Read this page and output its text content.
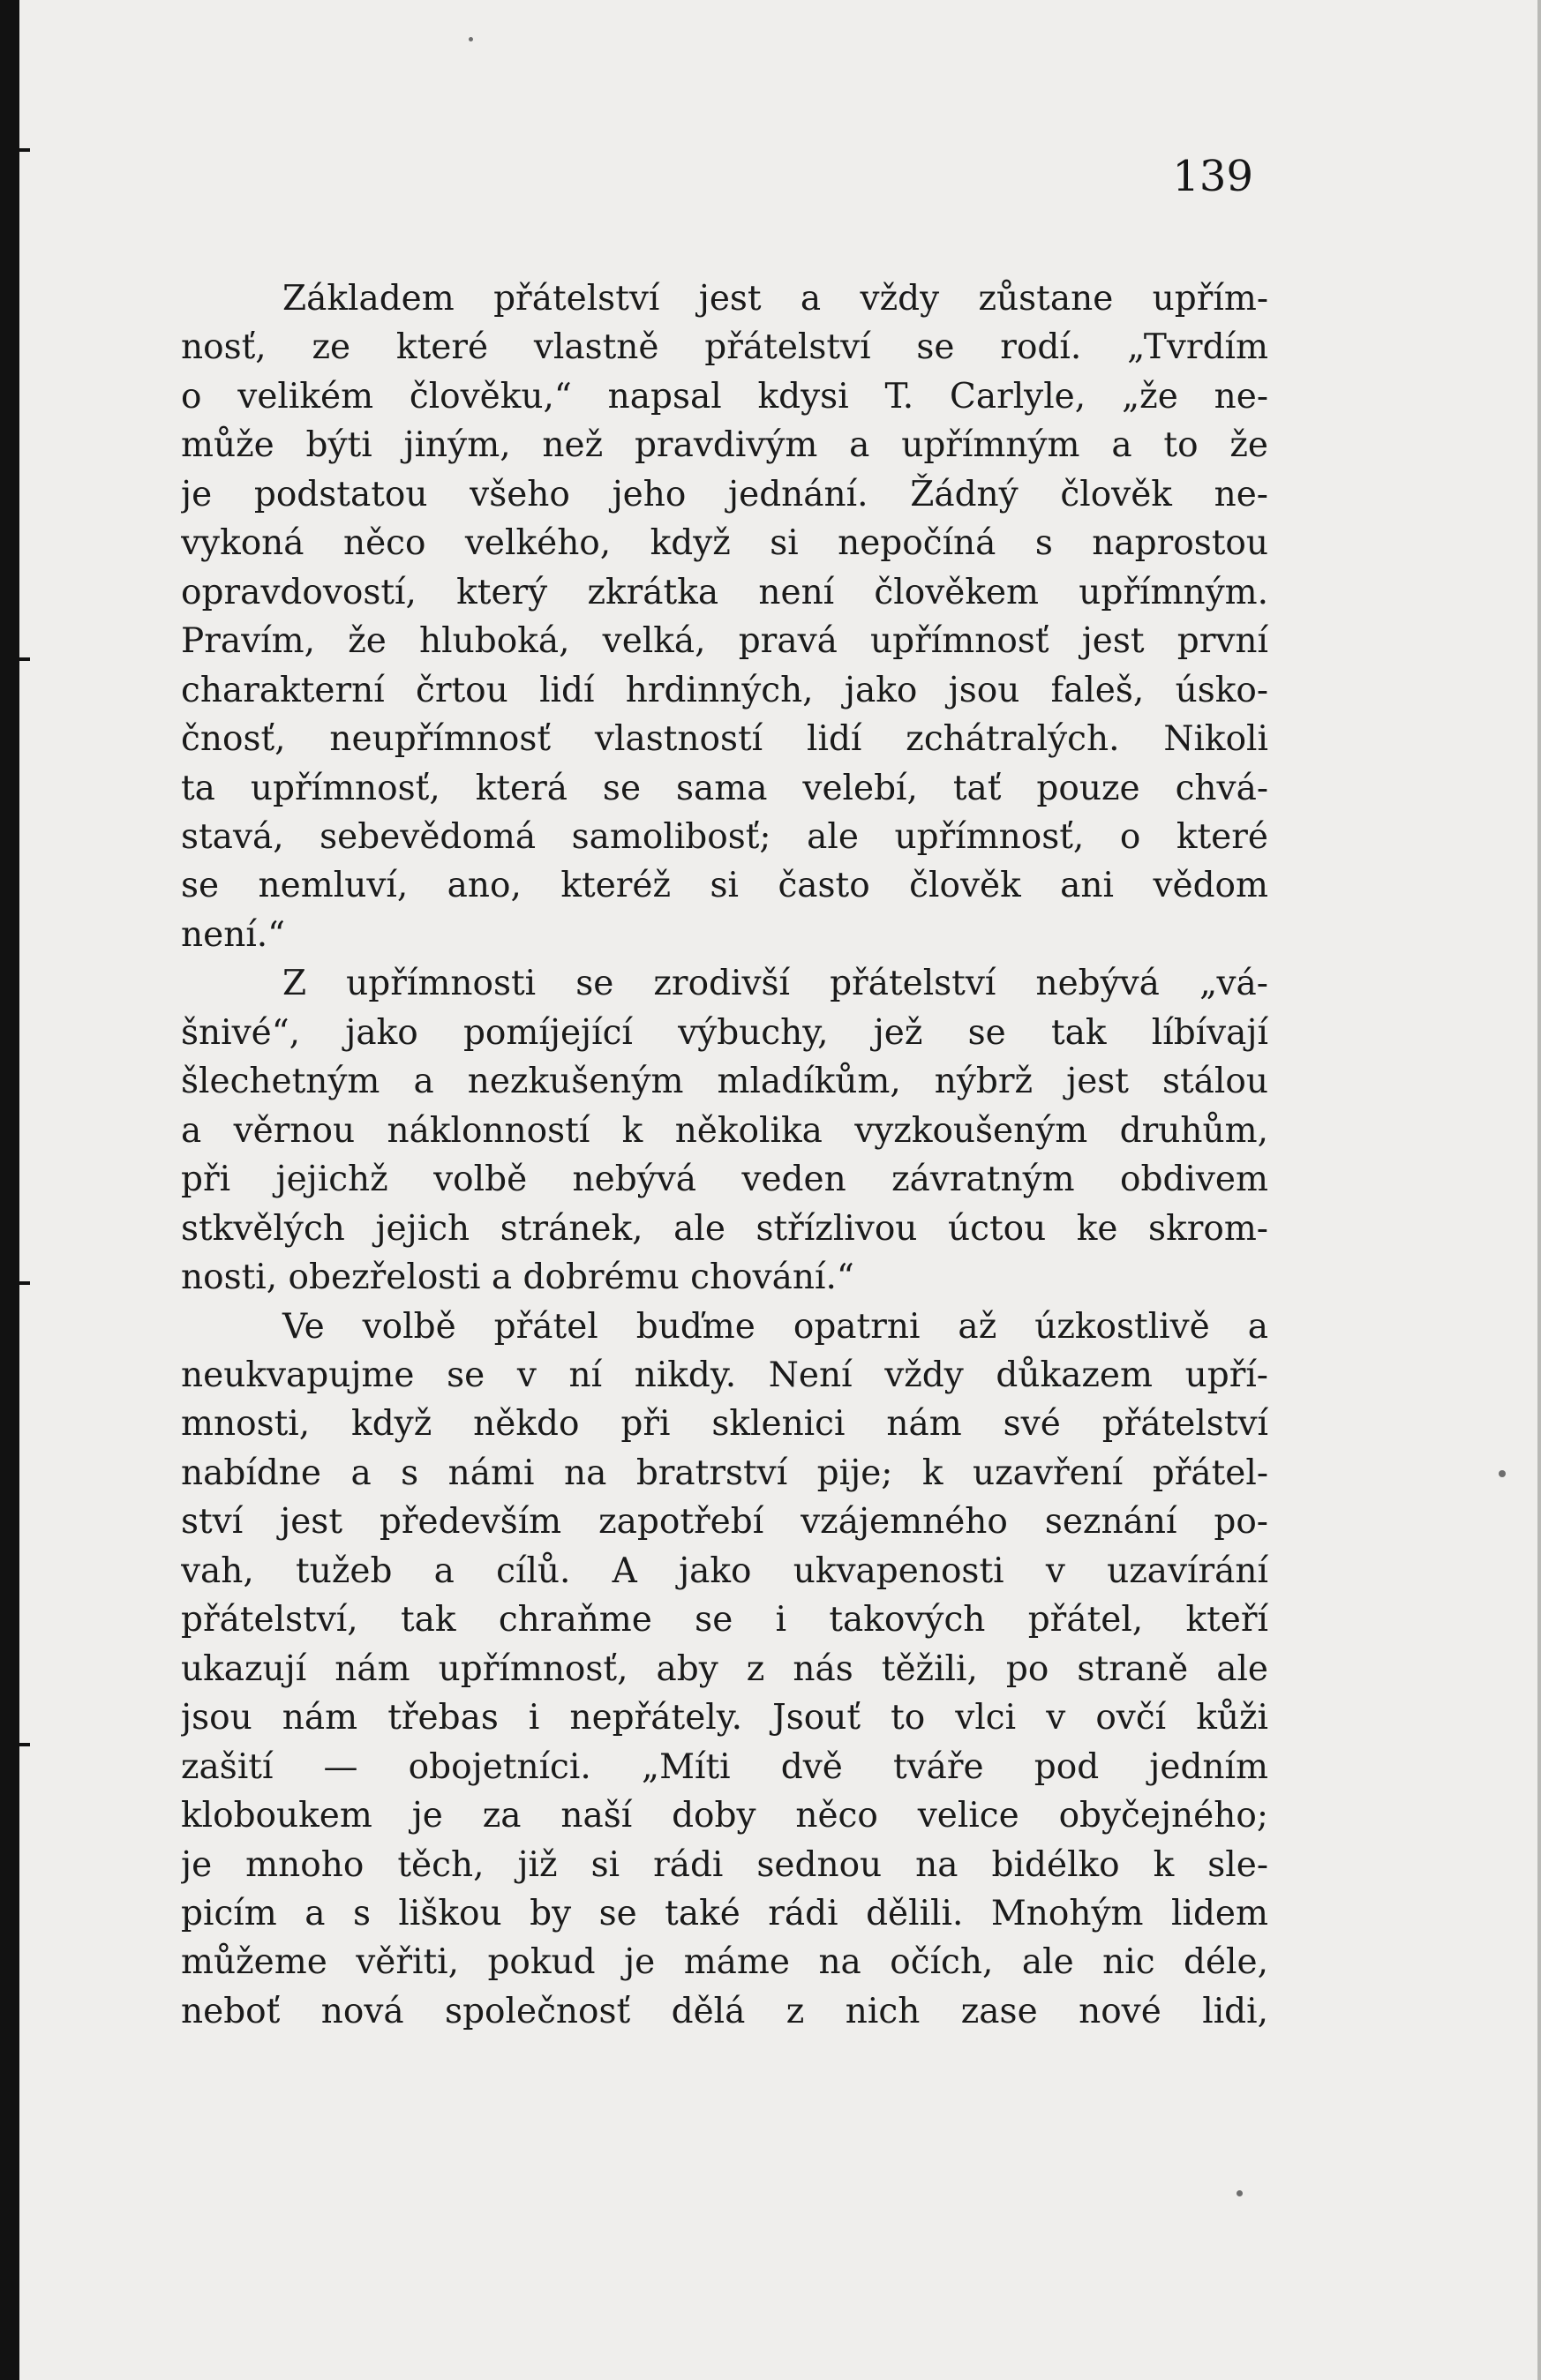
139
Základem přátelství jest a vždy zůstane upřím-
nosť, ze které vlastně přátelství se rodí. „Tvrdím
o velikém člověku,“ napsal kdysi T. Carlyle, „že ne-
může býti jiným, než pravdivým a upřímným a to že
je podstatou všeho jeho jednání. Žádný člověk ne-
vykoná něco velkého, když si nepočíná s naprostou
opravdovostí, který zkrátka není člověkem upřímným.
Pravím, že hluboká, velká, pravá upřímnosť jest první
charakterní črtou lidí hrdinných, jako jsou faleš, úsko-
čnosť, neupřímnosť vlastností lidí zchátralých. Nikoli
ta upřímnosť, která se sama velebí, tať pouze chvá-
stavá, sebevědomá samolibosť; ale upřímnosť, o které
se nemluví, ano, kteréž si často člověk ani vědom
není.“
Z upřímnosti se zrodivší přátelství nebývá „vá-
šnivé“, jako pomíjející výbuchy, jež se tak líbívají
šlechetným a nezkušeným mladíkům, nýbrž jest stálou
a věrnou náklonností k několika vyzkoušeným druhům,
při jejichž volbě nebývá veden závratným obdivem
stkvělých jejich stránek, ale střízlivou úctou ke skrom-
nosti, obezřelosti a dobrému chování.“
Ve volbě přátel buďme opatrni až úzkostlivě a
neukvapujme se v ní nikdy. Není vždy důkazem upří-
mnosti, když někdo při sklenici nám své přátelství
nabídne a s námi na bratrství pije; k uzavření přátel-
ství jest především zapotřebí vzájemného seznání po-
vah, tužeb a cílů. A jako ukvapenosti v uzavírání
přátelství, tak chraňme se i takových přátel, kteří
ukazují nám upřímnosť, aby z nás těžili, po straně ale
jsou nám třebas i nepřátely. Jsouť to vlci v ovčí kůži
zašití — obojetníci. „Míti dvě tváře pod jedním
kloboukem je za naší doby něco velice obyčejného;
je mnoho těch, již si rádi sednou na bidélko k sle-
picím a s liškou by se také rádi dělili. Mnohým lidem
můžeme věřiti, pokud je máme na očích, ale nic déle,
neboť nová společnosť dělá z nich zase nové lidi,
